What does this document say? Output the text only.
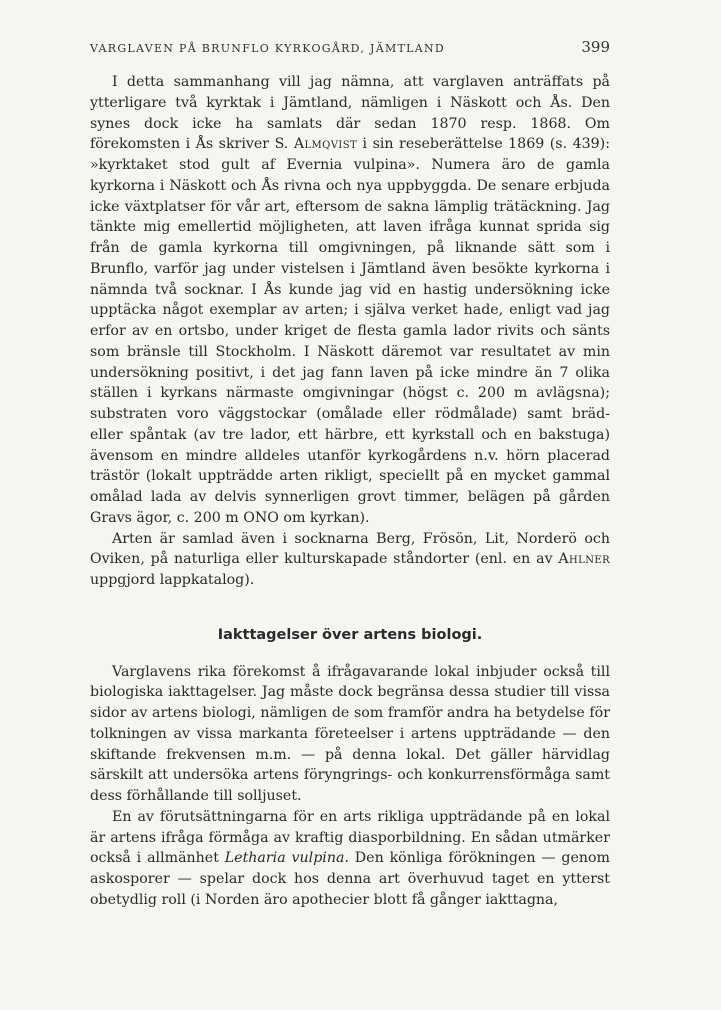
VARGLAVEN PÅ BRUNFLO KYRKOGÅRD, JÄMTLAND	399

I detta sammanhang vill jag nämna, att varglaven anträffats på ytterligare två kyrktak i Jämtland, nämligen i Näskott och Ås. Den synes dock icke ha samlats där sedan 1870 resp. 1868. Om förekomsten i Ås skriver S. Almqvist i sin reseberättelse 1869 (s. 439): »kyrktaket stod gult af Evernia vulpina». Numera äro de gamla kyrkorna i Näskott och Ås rivna och nya uppbyggda. De senare erbjuda icke växtplatser för vår art, eftersom de sakna lämplig trätäckning. Jag tänkte mig emellertid möjligheten, att laven ifråga kunnat sprida sig från de gamla kyrkorna till omgivningen, på liknande sätt som i Brunflo, varför jag under vistelsen i Jämtland även besökte kyrkorna i nämnda två socknar. I Ås kunde jag vid en hastig undersökning icke upptäcka något exemplar av arten; i själva verket hade, enligt vad jag erfor av en ortsbo, under kriget de flesta gamla lador rivits och sänts som bränsle till Stockholm. I Näskott däremot var resultatet av min undersökning positivt, i det jag fann laven på icke mindre än 7 olika ställen i kyrkans närmaste omgivningar (högst c. 200 m avlägsna); substraten voro väggstockar (omålade eller rödmålade) samt bräd- eller spåntak (av tre lador, ett härbre, ett kyrkstall och en bakstuga) ävensom en mindre alldeles utanför kyrkogårdens n.v. hörn placerad trästör (lokalt uppträdde arten rikligt, speciellt på en mycket gammal omålad lada av delvis synnerligen grovt timmer, belägen på gården Gravs ägor, c. 200 m ONO om kyrkan).

Arten är samlad även i socknarna Berg, Frösön, Lit, Norderö och Oviken, på naturliga eller kulturskapade ståndorter (enl. en av Ahlner uppgjord lappkatalog).

Iakttagelser över artens biologi.

Varglavens rika förekomst å ifrågavarande lokal inbjuder också till biologiska iakttagelser. Jag måste dock begränsa dessa studier till vissa sidor av artens biologi, nämligen de som framför andra ha betydelse för tolkningen av vissa markanta företeelser i artens uppträdande — den skiftande frekvensen m.m. — på denna lokal. Det gäller härvidlag särskilt att undersöka artens föryngrings- och konkurrensförmåga samt dess förhållande till solljuset.

En av förutsättningarna för en arts rikliga uppträdande på en lokal är artens ifråga förmåga av kraftig diasporbildning. En sådan utmärker också i allmänhet Letharia vulpina. Den könliga förökningen — genom askosporer — spelar dock hos denna art överhuvud taget en ytterst obetydlig roll (i Norden äro apothecier blott få gånger iakttagna,
